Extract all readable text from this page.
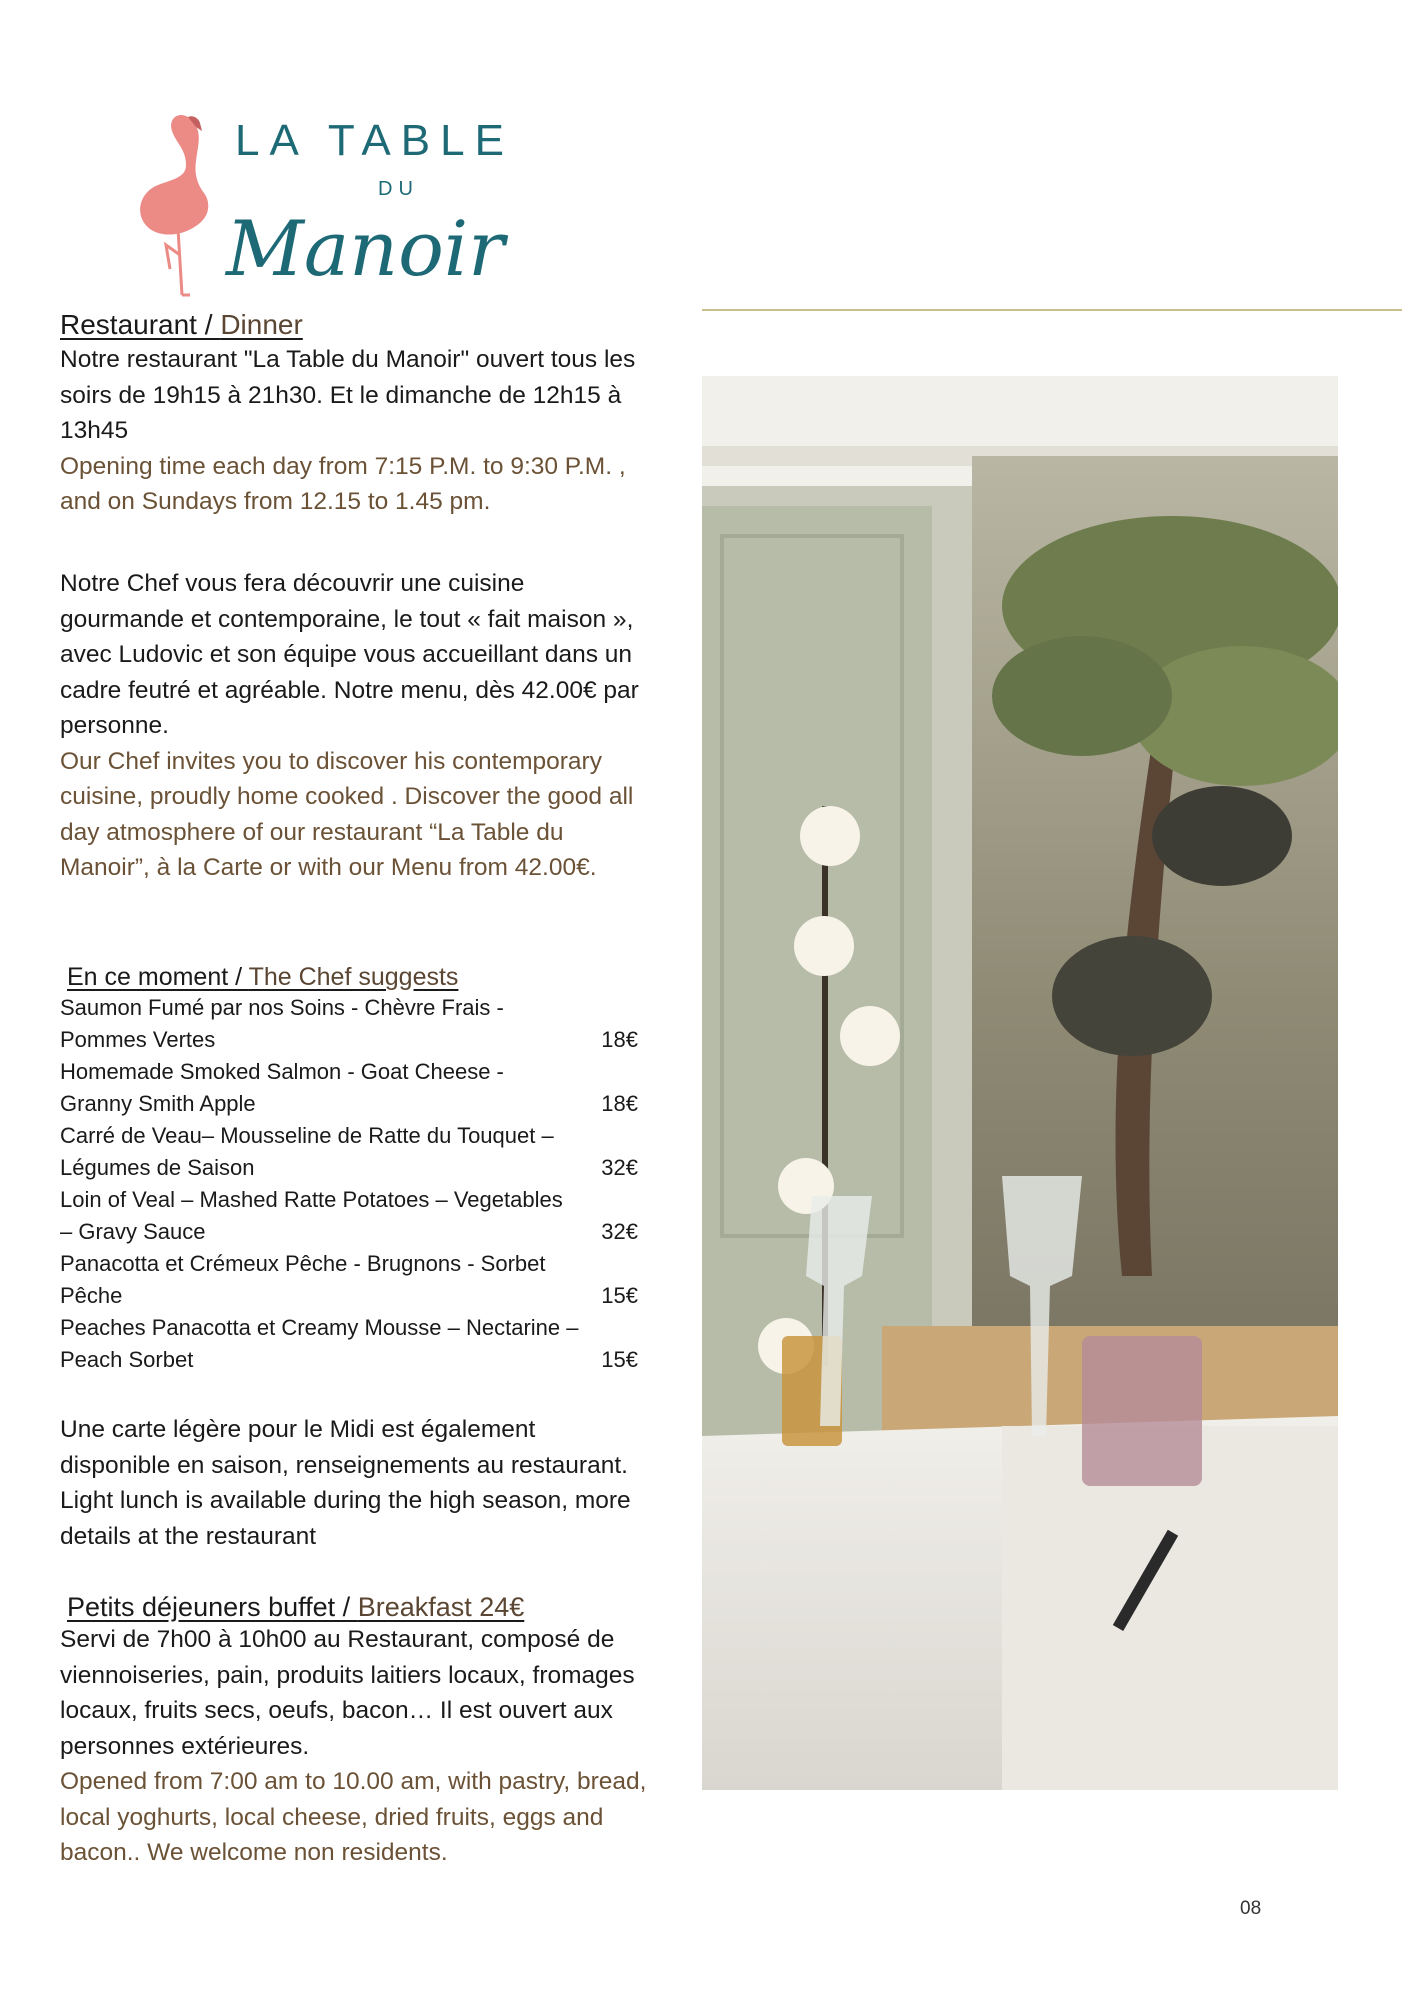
LA TABLE
DU
Manoir
Restaurant / Dinner

Notre restaurant "La Table du Manoir" ouvert tous les soirs de 19h15 à 21h30. Et le dimanche de 12h15 à 13h45

Opening time each day from 7:15 P.M. to 9:30 P.M. , and on Sundays from 12.15 to 1.45 pm.

Notre Chef vous fera découvrir une cuisine gourmande et contemporaine, le tout « fait maison », avec Ludovic et son équipe vous accueillant dans un cadre feutré et agréable. Notre menu, dès 42.00€ par personne.

Our Chef invites you to discover his contemporary cuisine, proudly home cooked . Discover the good all day atmosphere of our restaurant “La Table du Manoir”, à la Carte or with our Menu from 42.00€.

En ce moment / The Chef suggests
Saumon Fumé par nos Soins - Chèvre Frais -
Pommes Vertes	18€
Homemade Smoked Salmon - Goat Cheese -
Granny Smith Apple	18€
Carré de Veau– Mousseline de Ratte du Touquet –
Légumes de Saison	32€
Loin of Veal – Mashed Ratte Potatoes – Vegetables
– Gravy Sauce	32€
Panacotta et Crémeux Pêche - Brugnons - Sorbet
Pêche	15€
Peaches Panacotta et Creamy Mousse – Nectarine –
Peach Sorbet	15€

Une carte légère pour le Midi est également disponible en saison, renseignements au restaurant. Light lunch is available during the high season, more details at the restaurant

Petits déjeuners buffet / Breakfast 24€

Servi de 7h00 à 10h00 au Restaurant, composé de viennoiseries, pain, produits laitiers locaux, fromages locaux, fruits secs, oeufs, bacon… Il est ouvert aux personnes extérieures.

Opened from 7:00 am to 10.00 am, with pastry, bread, local yoghurts, local cheese, dried fruits, eggs and bacon.. We welcome non residents.

08
